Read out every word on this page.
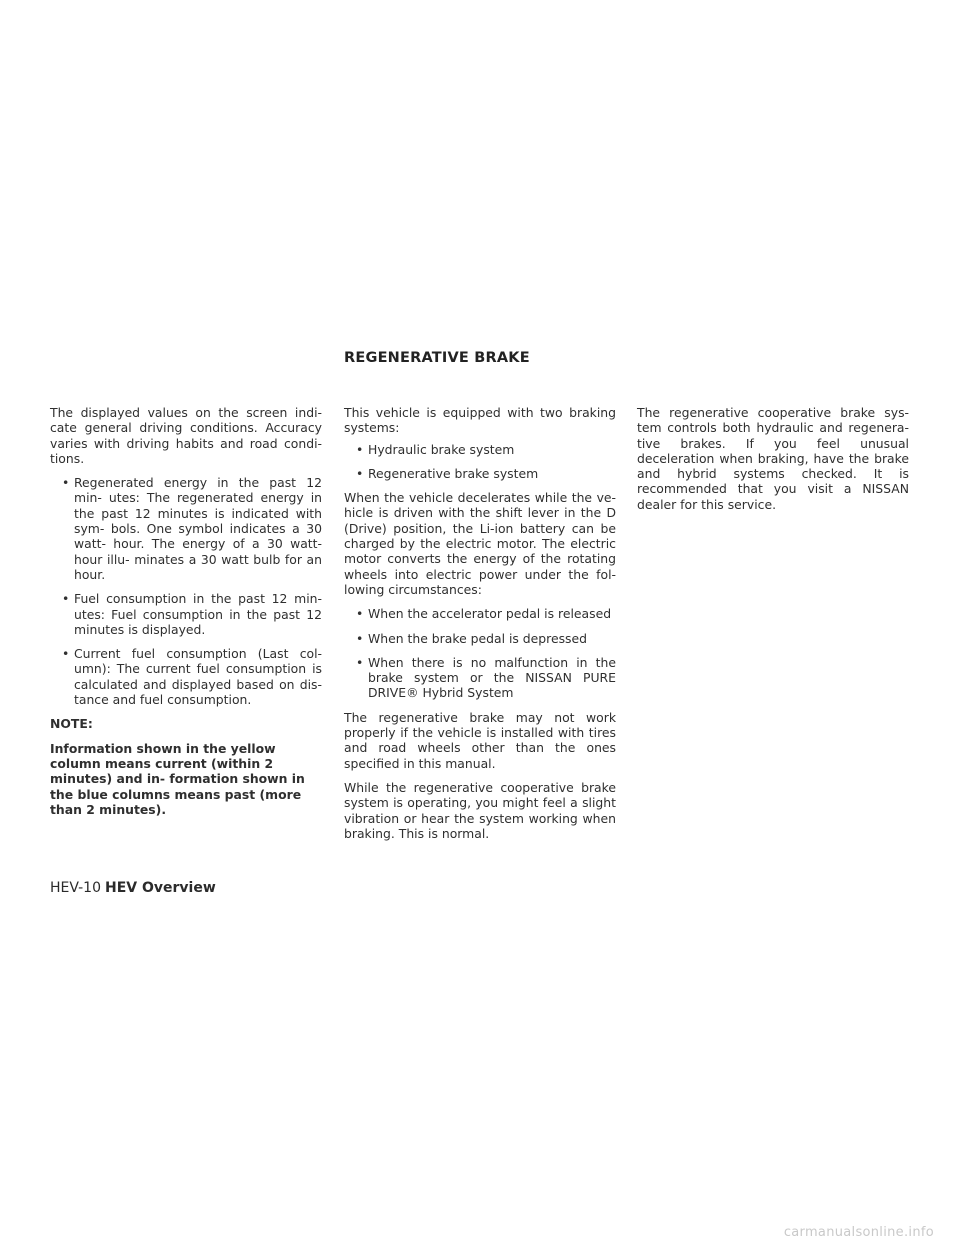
REGENERATIVE BRAKE

The displayed values on the screen indi- cate general driving conditions. Accuracy varies with driving habits and road condi- tions.

• Regenerated energy in the past 12 min- utes: The regenerated energy in the past 12 minutes is indicated with sym- bols. One symbol indicates a 30 watt- hour. The energy of a 30 watt-hour illu- minates a 30 watt bulb for an hour.
• Fuel consumption in the past 12 min- utes: Fuel consumption in the past 12 minutes is displayed.
• Current fuel consumption (Last col- umn): The current fuel consumption is calculated and displayed based on dis- tance and fuel consumption.

NOTE:

Information shown in the yellow column means current (within 2 minutes) and in- formation shown in the blue columns means past (more than 2 minutes).

This vehicle is equipped with two braking systems:

• Hydraulic brake system
• Regenerative brake system

When the vehicle decelerates while the ve- hicle is driven with the shift lever in the D (Drive) position, the Li-ion battery can be charged by the electric motor. The electric motor converts the energy of the rotating wheels into electric power under the fol- lowing circumstances:

• When the accelerator pedal is released
• When the brake pedal is depressed
• When there is no malfunction in the brake system or the NISSAN PURE DRIVE® Hybrid System

The regenerative brake may not work properly if the vehicle is installed with tires and road wheels other than the ones specified in this manual.

While the regenerative cooperative brake system is operating, you might feel a slight vibration or hear the system working when braking. This is normal.

The regenerative cooperative brake sys- tem controls both hydraulic and regenera- tive brakes. If you feel unusual deceleration when braking, have the brake and hybrid systems checked. It is recommended that you visit a NISSAN dealer for this service.

HEV-10 HEV Overview
carmanualsonline.info
